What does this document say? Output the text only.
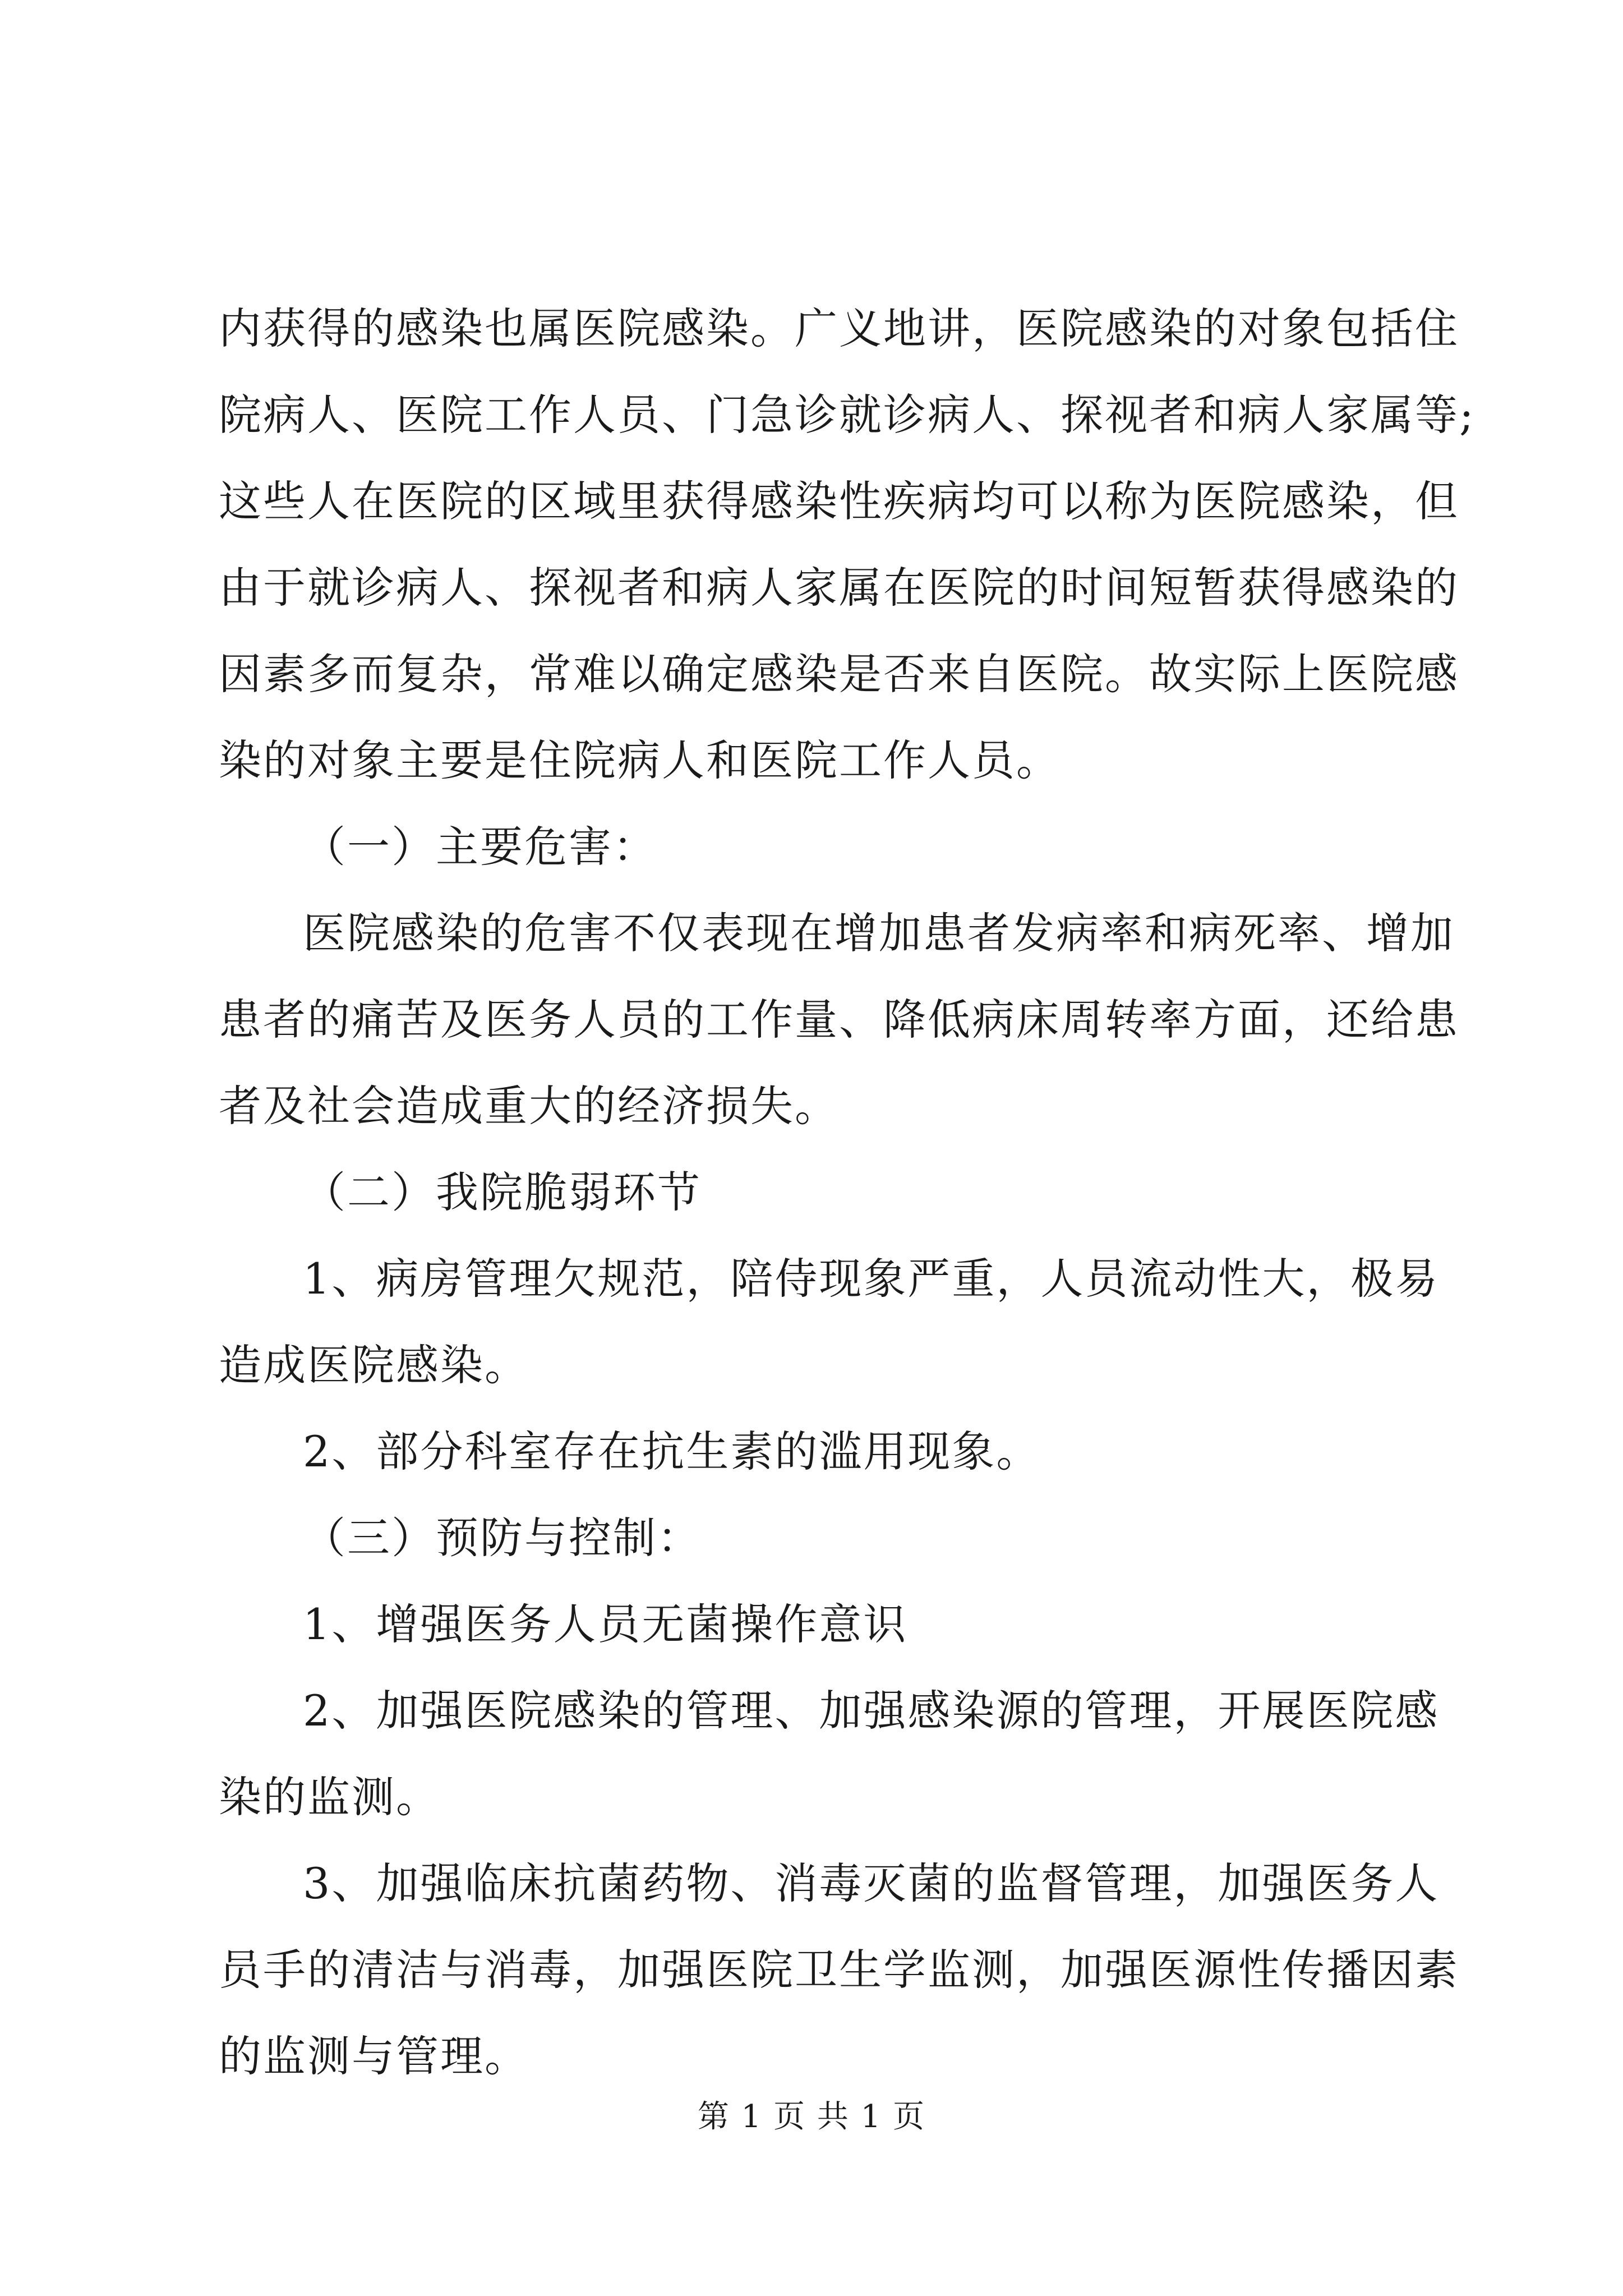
内获得的感染也属医院感染。广义地讲，医院感染的对象包括住
院病人、医院工作人员、门急诊就诊病人、探视者和病人家属等;
这些人在医院的区域里获得感染性疾病均可以称为医院感染，但
由于就诊病人、探视者和病人家属在医院的时间短暂获得感染的
因素多而复杂，常难以确定感染是否来自医院。故实际上医院感
染的对象主要是住院病人和医院工作人员。
（一）主要危害：
医院感染的危害不仅表现在增加患者发病率和病死率、增加
患者的痛苦及医务人员的工作量、降低病床周转率方面，还给患
者及社会造成重大的经济损失。
（二）我院脆弱环节
1、病房管理欠规范，陪侍现象严重，人员流动性大，极易
造成医院感染。
2、部分科室存在抗生素的滥用现象。
（三）预防与控制：
1、增强医务人员无菌操作意识
2、加强医院感染的管理、加强感染源的管理，开展医院感
染的监测。
3、加强临床抗菌药物、消毒灭菌的监督管理，加强医务人
员手的清洁与消毒，加强医院卫生学监测，加强医源性传播因素
的监测与管理。
第 1 页 共 1 页
